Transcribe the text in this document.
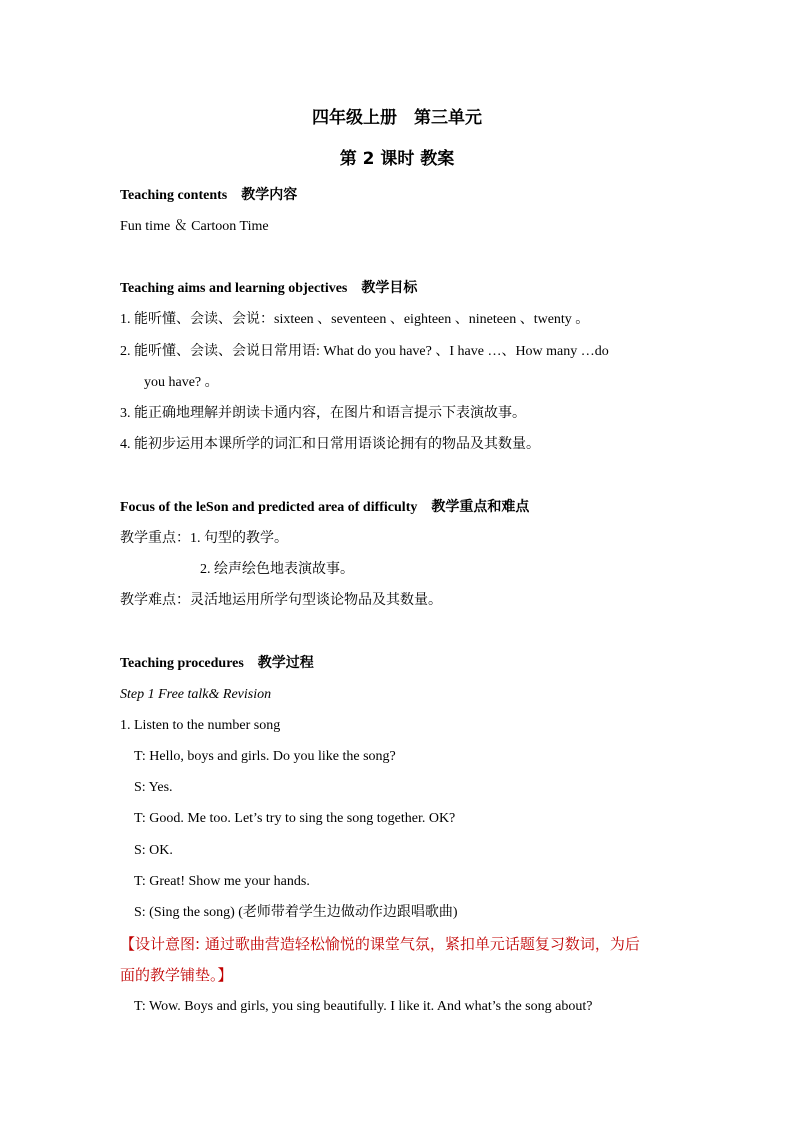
四年级上册　第三单元
第 2 课时 教案
Teaching contents　教学内容
Fun time ＆ Cartoon Time
Teaching aims and learning objectives　教学目标
1. 能听懂、会读、会说：sixteen 、seventeen 、eighteen 、nineteen 、twenty 。
2. 能听懂、会读、会说日常用语: What do you have? 、I have …、How many …do
you have? 。
3. 能正确地理解并朗读卡通内容，在图片和语言提示下表演故事。
4. 能初步运用本课所学的词汇和日常用语谈论拥有的物品及其数量。
Focus of the leSon and predicted area of difficulty　教学重点和难点
教学重点：1. 句型的教学。
2. 绘声绘色地表演故事。
教学难点：灵活地运用所学句型谈论物品及其数量。
Teaching procedures　教学过程
Step 1 Free talk& Revision
1. Listen to the number song
T: Hello, boys and girls. Do you like the song?
S: Yes.
T: Good. Me too. Let’s try to sing the song together. OK?
S: OK.
T: Great! Show me your hands.
S: (Sing the song) (老师带着学生边做动作边跟唱歌曲)
【设计意图: 通过歌曲营造轻松愉悦的课堂气氛，紧扣单元话题复习数词，为后
面的教学铺垫。】
T: Wow. Boys and girls, you sing beautifully. I like it. And what’s the song about?
